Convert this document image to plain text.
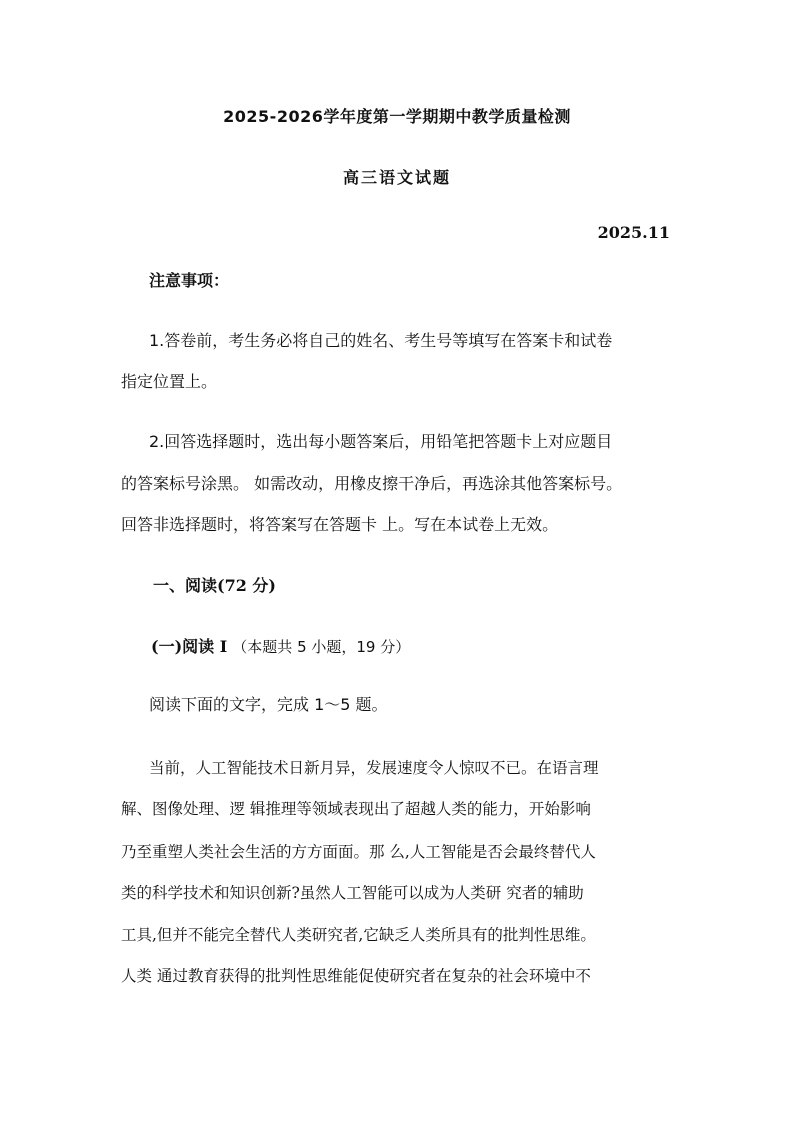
2025-2026学年度第一学期期中教学质量检测
高三语文试题
2025.11
注意事项：
1.答卷前，考生务必将自己的姓名、考生号等填写在答案卡和试卷
指定位置上。
2.回答选择题时，选出每小题答案后，用铅笔把答题卡上对应题目
的答案标号涂黑。 如需改动，用橡皮擦干净后，再选涂其他答案标号。
回答非选择题时，将答案写在答题卡 上。写在本试卷上无效。
一、阅读(72 分)
(一)阅读 I （本题共 5 小题，19 分）
阅读下面的文字，完成 1～5 题。
当前，人工智能技术日新月异，发展速度令人惊叹不已。在语言理
解、图像处理、逻 辑推理等领域表现出了超越人类的能力，开始影响
乃至重塑人类社会生活的方方面面。那 么,人工智能是否会最终替代人
类的科学技术和知识创新?虽然人工智能可以成为人类研 究者的辅助
工具,但并不能完全替代人类研究者,它缺乏人类所具有的批判性思维。
人类 通过教育获得的批判性思维能促使研究者在复杂的社会环境中不
